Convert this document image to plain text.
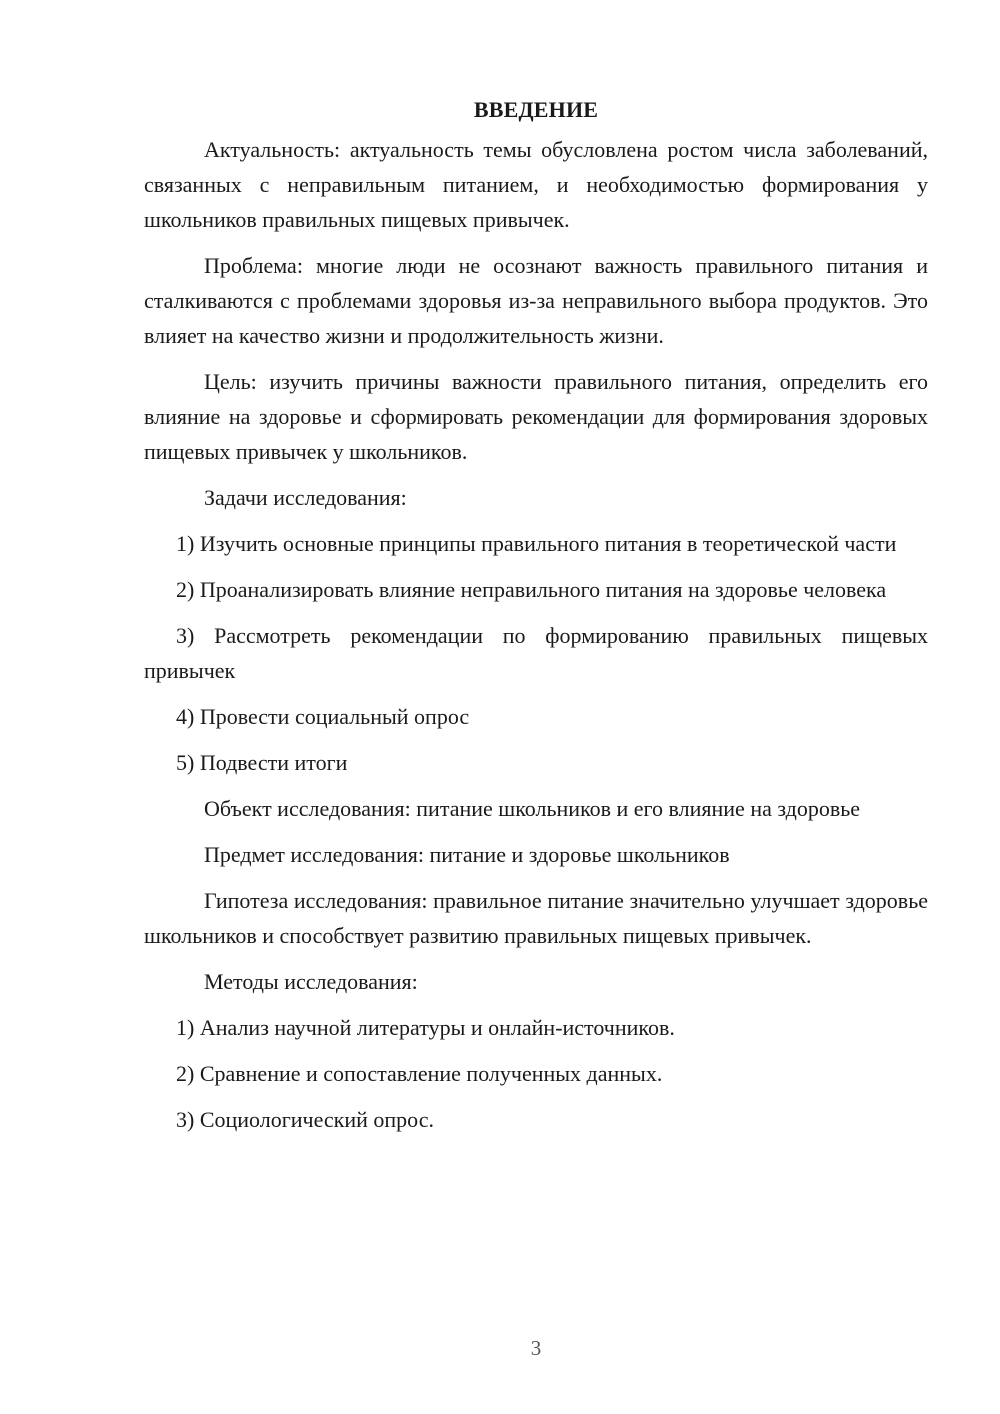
ВВЕДЕНИЕ

Актуальность: актуальность темы обусловлена ростом числа заболеваний, связанных с неправильным питанием, и необходимостью формирования у школьников правильных пищевых привычек.

Проблема: многие люди не осознают важность правильного питания и сталкиваются с проблемами здоровья из-за неправильного выбора продуктов. Это влияет на качество жизни и продолжительность жизни.

Цель: изучить причины важности правильного питания, определить его влияние на здоровье и сформировать рекомендации для формирования здоровых пищевых привычек у школьников.

Задачи исследования:

1) Изучить основные принципы правильного питания в теоретической части

2) Проанализировать влияние неправильного питания на здоровье человека

3) Рассмотреть рекомендации по формированию правильных пищевых привычек

4) Провести социальный опрос

5) Подвести итоги

Объект исследования: питание школьников и его влияние на здоровье

Предмет исследования: питание и здоровье школьников

Гипотеза исследования: правильное питание значительно улучшает здоровье школьников и способствует развитию правильных пищевых привычек.

Методы исследования:

1) Анализ научной литературы и онлайн-источников.

2) Сравнение и сопоставление полученных данных.

3) Социологический опрос.

3
